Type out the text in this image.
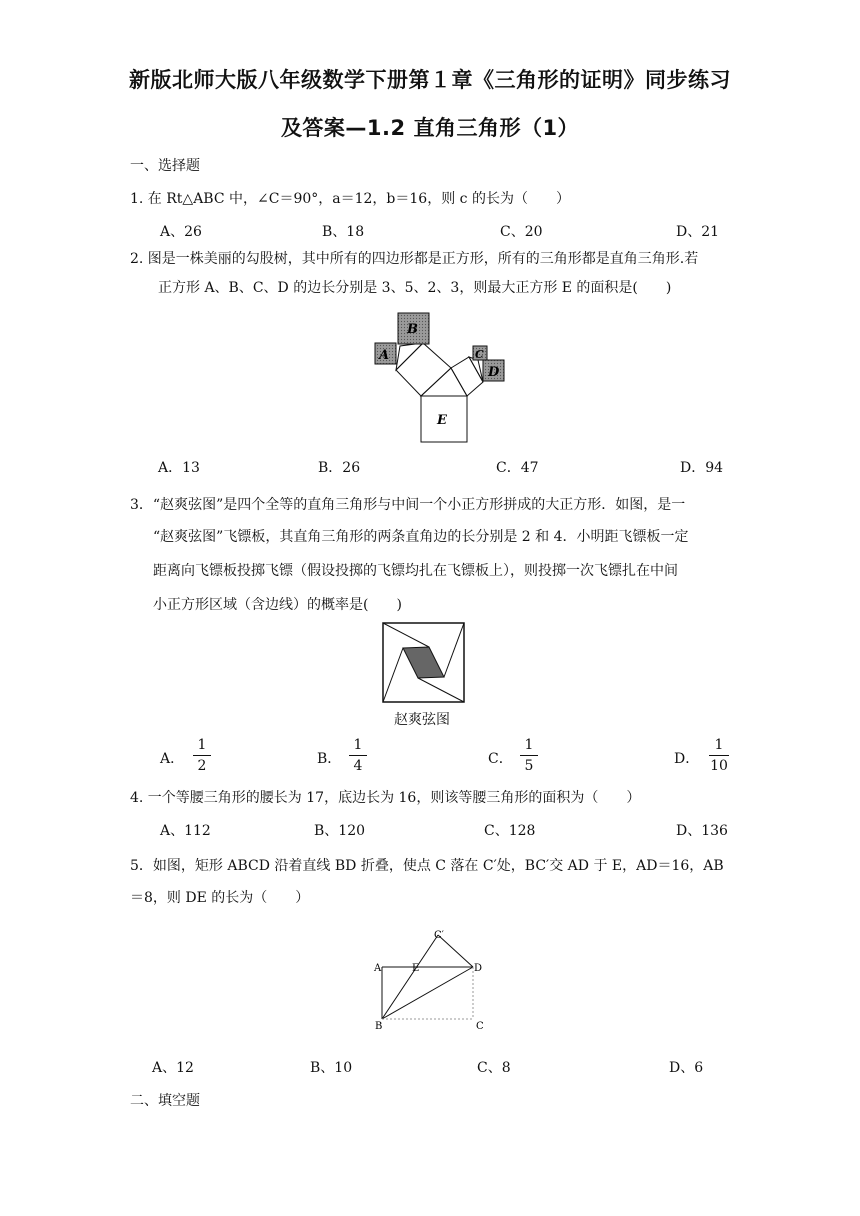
新版北师大版八年级数学下册第１章《三角形的证明》同步练习
及答案—1.2 直角三角形（1）
一、选择题
1. 在 Rt△ABC 中，∠C＝90°，a＝12，b＝16，则 c 的长为（　　）
A、26	B、18	C、20	D、21
2. 图是一株美丽的勾股树，其中所有的四边形都是正方形，所有的三角形都是直角三角形.若
正方形 A、B、C、D 的边长分别是 3、5、2、3，则最大正方形 E 的面积是(　　)
A
B
C
D
E
A．13	B．26	C．47	D．94
3．“赵爽弦图”是四个全等的直角三角形与中间一个小正方形拼成的大正方形．如图，是一
“赵爽弦图”飞镖板，其直角三角形的两条直角边的长分别是 2 和 4．小明距飞镖板一定
距离向飞镖板投掷飞镖（假设投掷的飞镖均扎在飞镖板上），则投掷一次飞镖扎在中间
小正方形区域（含边线）的概率是(　　)
赵爽弦图
A．
1
2	B．
1
4	C．
1
5	D．
1
10
4. 一个等腰三角形的腰长为 17，底边长为 16，则该等腰三角形的面积为（　　）
A、112	B、120	C、128	D、136
5．如图，矩形 ABCD 沿着直线 BD 折叠，使点 C 落在 C′处，BC′交 AD 于 E，AD＝16，AB
＝8，则 DE 的长为（　　）
A	E	D
C′
B	C
A、12	B、10	C、8	D、6
二、填空题
